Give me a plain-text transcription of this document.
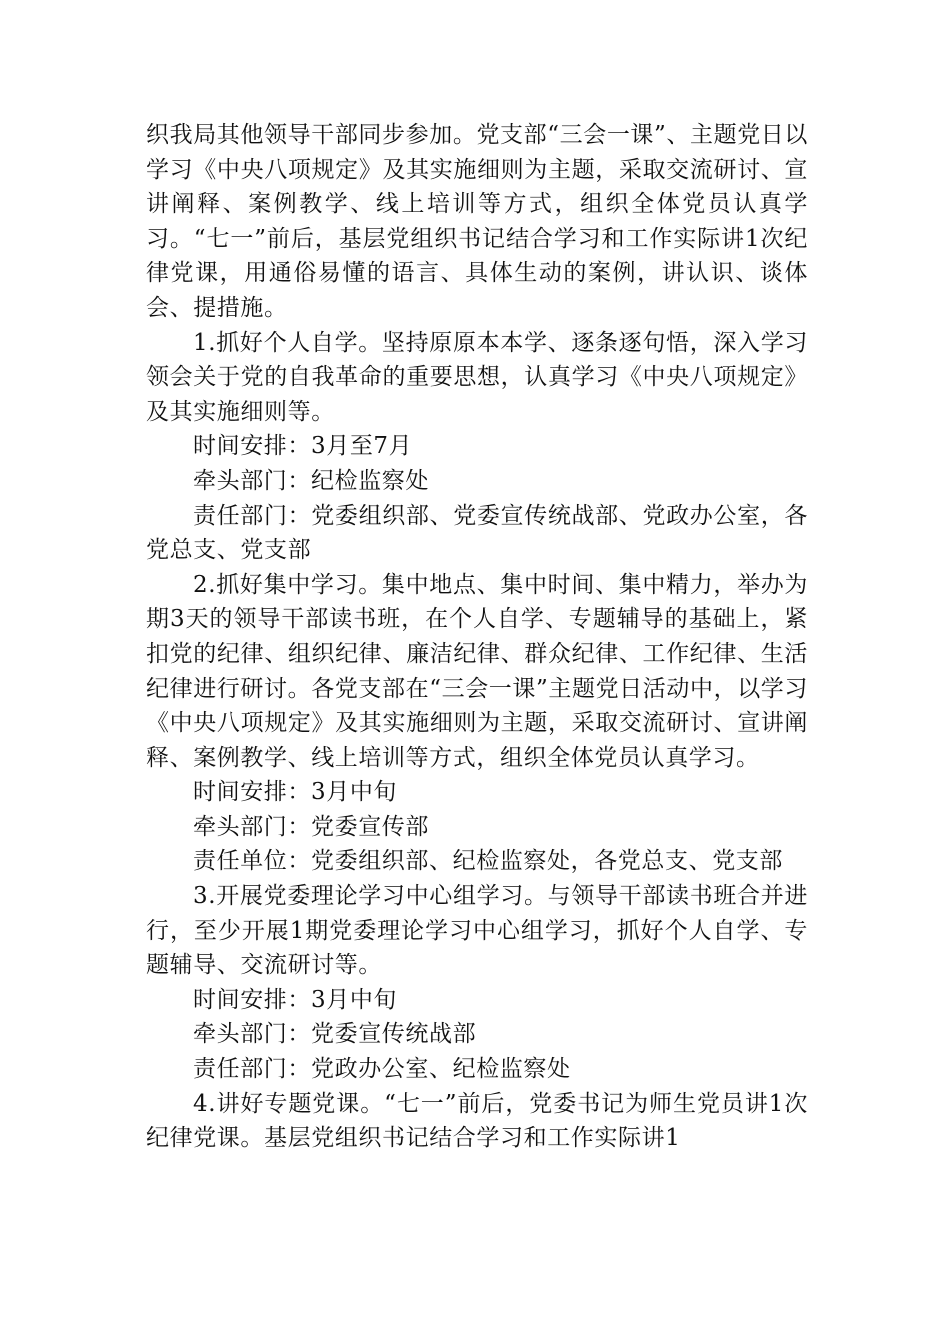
织我局其他领导干部同步参加。党支部“三会一课”、主题党日以学习《中央八项规定》及其实施细则为主题，采取交流研讨、宣讲阐释、案例教学、线上培训等方式，组织全体党员认真学习。“七一”前后，基层党组织书记结合学习和工作实际讲1次纪律党课，用通俗易懂的语言、具体生动的案例，讲认识、谈体会、提措施。

1.抓好个人自学。坚持原原本本学、逐条逐句悟，深入学习领会关于党的自我革命的重要思想，认真学习《中央八项规定》及其实施细则等。

时间安排：3月至7月

牵头部门：纪检监察处

责任部门：党委组织部、党委宣传统战部、党政办公室，各党总支、党支部

2.抓好集中学习。集中地点、集中时间、集中精力，举办为期3天的领导干部读书班，在个人自学、专题辅导的基础上，紧扣党的纪律、组织纪律、廉洁纪律、群众纪律、工作纪律、生活纪律进行研讨。各党支部在“三会一课”主题党日活动中，以学习《中央八项规定》及其实施细则为主题，采取交流研讨、宣讲阐释、案例教学、线上培训等方式，组织全体党员认真学习。

时间安排：3月中旬

牵头部门：党委宣传部

责任单位：党委组织部、纪检监察处，各党总支、党支部

3.开展党委理论学习中心组学习。与领导干部读书班合并进行，至少开展1期党委理论学习中心组学习，抓好个人自学、专题辅导、交流研讨等。

时间安排：3月中旬

牵头部门：党委宣传统战部

责任部门：党政办公室、纪检监察处

4.讲好专题党课。“七一”前后，党委书记为师生党员讲1次纪律党课。基层党组织书记结合学习和工作实际讲1
